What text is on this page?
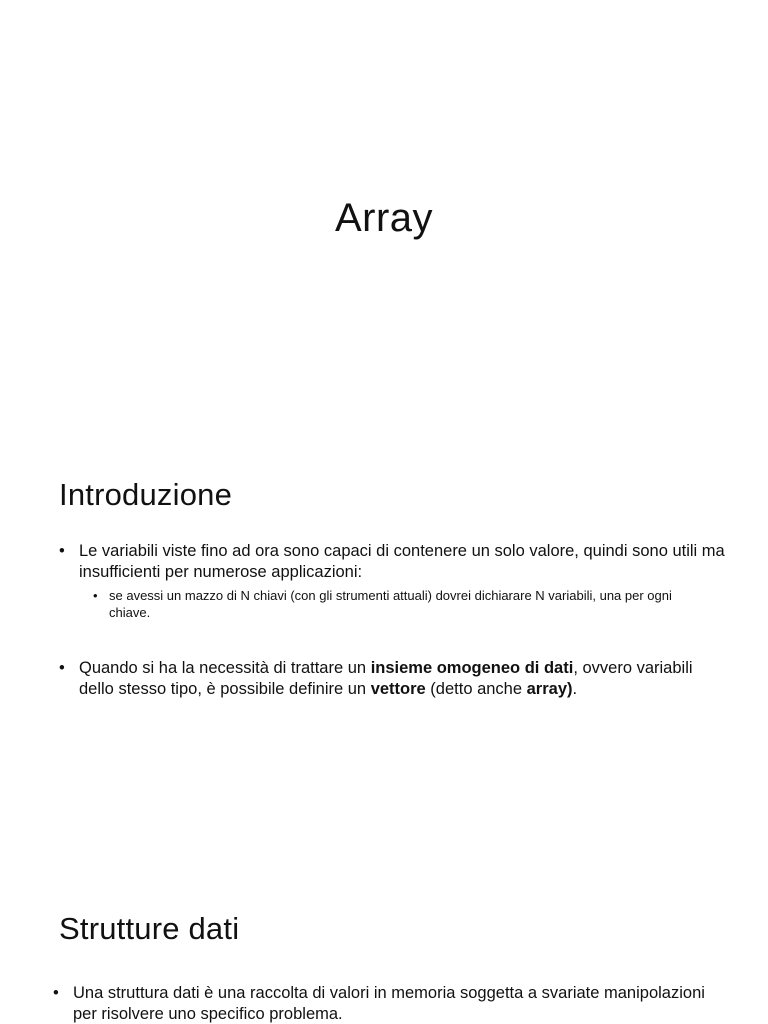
Array
Introduzione
• Le variabili viste fino ad ora sono capaci di contenere un solo valore, quindi sono utili ma insufficienti per numerose applicazioni:
• se avessi un mazzo di N chiavi (con gli strumenti attuali) dovrei dichiarare N variabili, una per ogni chiave.
• Quando si ha la necessità di trattare un insieme omogeneo di dati, ovvero variabili dello stesso tipo, è possibile definire un vettore (detto anche array).
Strutture dati
• Una struttura dati è una raccolta di valori in memoria soggetta a svariate manipolazioni per risolvere uno specifico problema.
